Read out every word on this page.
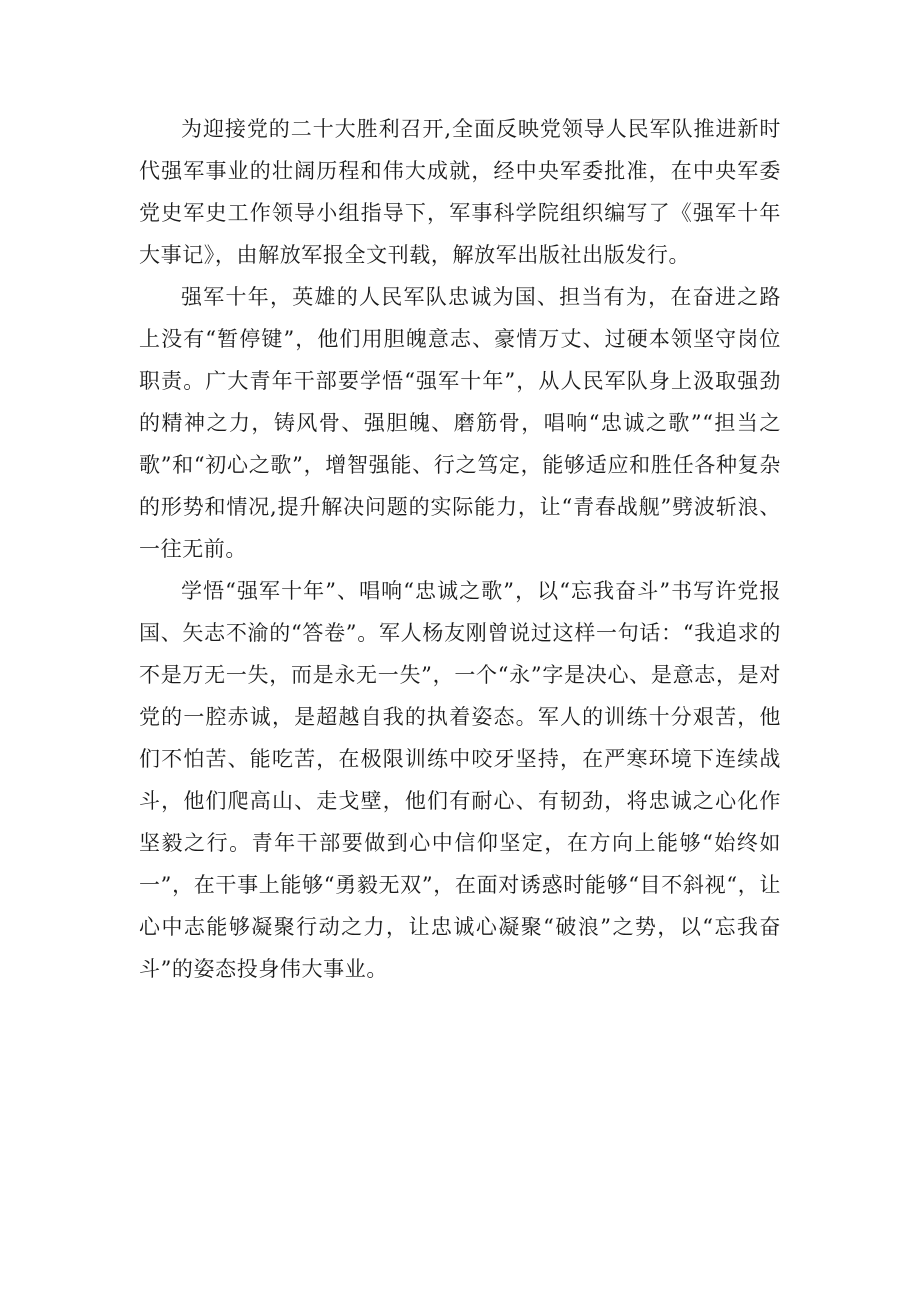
为迎接党的二十大胜利召开,全面反映党领导人民军队推进新时代强军事业的壮阔历程和伟大成就，经中央军委批准，在中央军委党史军史工作领导小组指导下，军事科学院组织编写了《强军十年大事记》，由解放军报全文刊载，解放军出版社出版发行。

强军十年，英雄的人民军队忠诚为国、担当有为，在奋进之路上没有“暂停键”，他们用胆魄意志、豪情万丈、过硬本领坚守岗位职责。广大青年干部要学悟“强军十年”，从人民军队身上汲取强劲的精神之力，铸风骨、强胆魄、磨筋骨，唱响“忠诚之歌”“担当之歌”和“初心之歌”，增智强能、行之笃定，能够适应和胜任各种复杂的形势和情况,提升解决问题的实际能力，让“青春战舰”劈波斩浪、一往无前。

学悟“强军十年”、唱响“忠诚之歌”，以“忘我奋斗”书写许党报国、矢志不渝的“答卷”。军人杨友刚曾说过这样一句话：“我追求的不是万无一失，而是永无一失”，一个“永”字是决心、是意志，是对党的一腔赤诚，是超越自我的执着姿态。军人的训练十分艰苦，他们不怕苦、能吃苦，在极限训练中咬牙坚持，在严寒环境下连续战斗，他们爬高山、走戈壁，他们有耐心、有韧劲，将忠诚之心化作坚毅之行。青年干部要做到心中信仰坚定，在方向上能够“始终如一”，在干事上能够“勇毅无双”，在面对诱惑时能够“目不斜视“，让心中志能够凝聚行动之力，让忠诚心凝聚“破浪”之势，以“忘我奋斗”的姿态投身伟大事业。
